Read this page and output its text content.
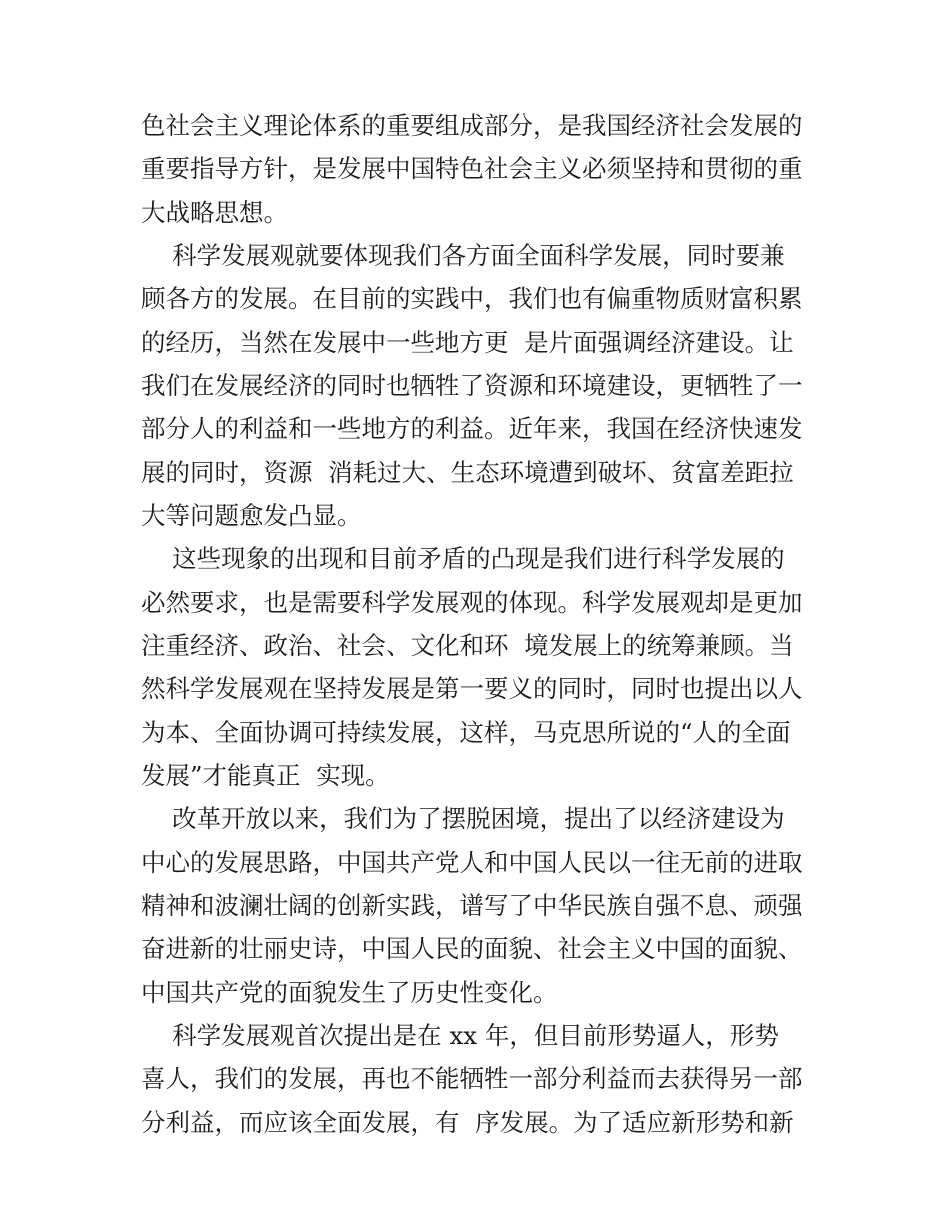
色社会主义理论体系的重要组成部分，是我国经济社会发展的
重要指导方针，是发展中国特色社会主义必须坚持和贯彻的重
大战略思想。
科学发展观就要体现我们各方面全面科学发展，同时要兼
顾各方的发展。在目前的实践中，我们也有偏重物质财富积累
的经历，当然在发展中一些地方更  是片面强调经济建设。让
我们在发展经济的同时也牺牲了资源和环境建设，更牺牲了一
部分人的利益和一些地方的利益。近年来，我国在经济快速发
展的同时，资源  消耗过大、生态环境遭到破坏、贫富差距拉
大等问题愈发凸显。
这些现象的出现和目前矛盾的凸现是我们进行科学发展的
必然要求，也是需要科学发展观的体现。科学发展观却是更加
注重经济、政治、社会、文化和环  境发展上的统筹兼顾。当
然科学发展观在坚持发展是第一要义的同时，同时也提出以人
为本、全面协调可持续发展，这样，马克思所说的“人的全面
发展”才能真正  实现。
改革开放以来，我们为了摆脱困境，提出了以经济建设为
中心的发展思路，中国共产党人和中国人民以一往无前的进取
精神和波澜壮阔的创新实践，谱写了中华民族自强不息、顽强
奋进新的壮丽史诗，中国人民的面貌、社会主义中国的面貌、
中国共产党的面貌发生了历史性变化。
科学发展观首次提出是在 xx 年，但目前形势逼人，形势
喜人，我们的发展，再也不能牺牲一部分利益而去获得另一部
分利益，而应该全面发展，有  序发展。为了适应新形势和新
